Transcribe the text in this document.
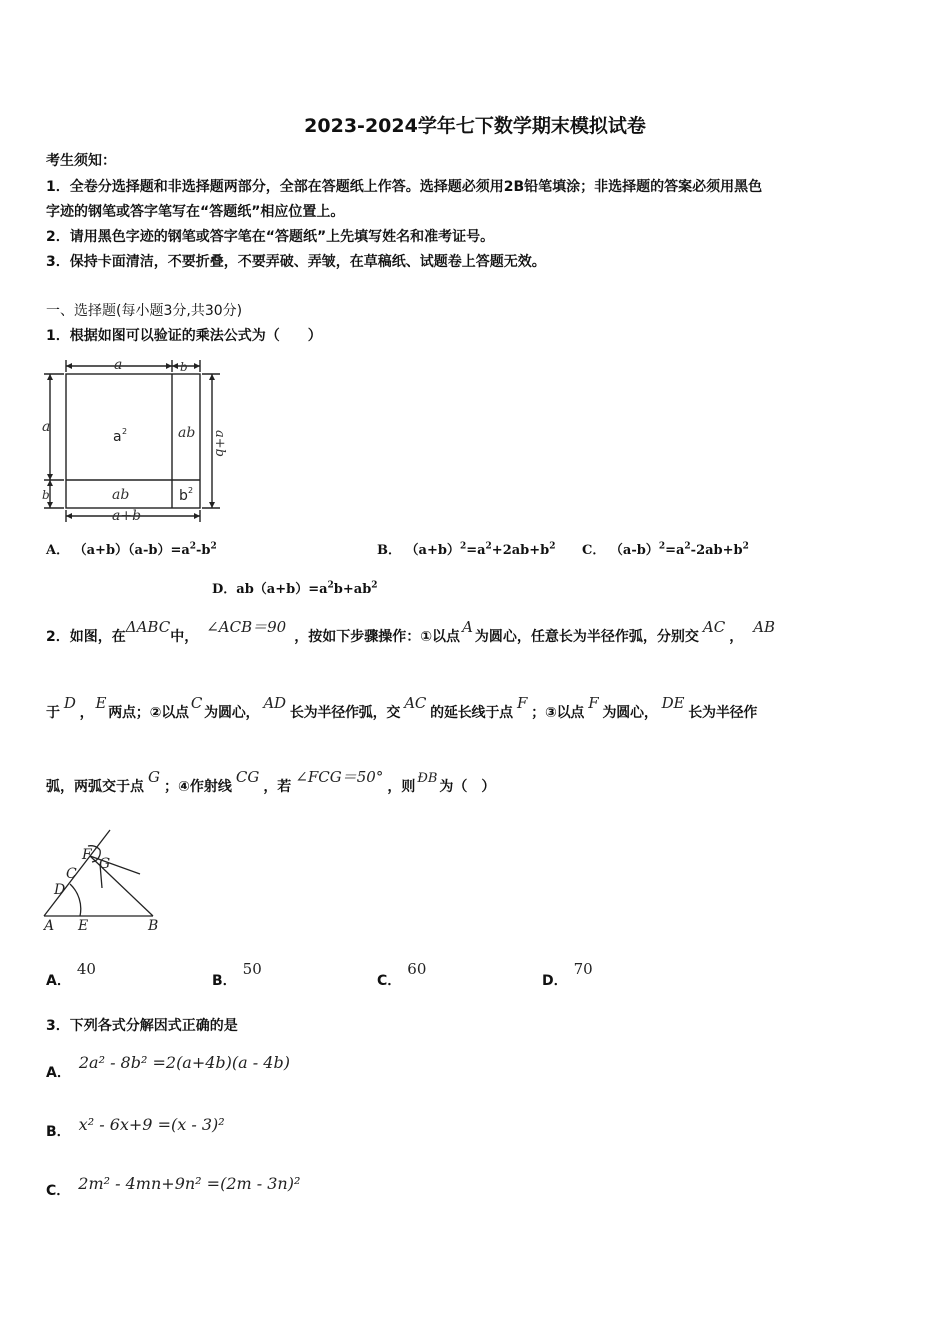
2023-2024学年七下数学期末模拟试卷
考生须知：
1．全卷分选择题和非选择题两部分，全部在答题纸上作答。选择题必须用2B铅笔填涂；非选择题的答案必须用黑色
字迹的钢笔或答字笔写在“答题纸”相应位置上。
2．请用黑色字迹的钢笔或答字笔在“答题纸”上先填写姓名和准考证号。
3．保持卡面清洁，不要折叠，不要弄破、弄皱，在草稿纸、试题卷上答题无效。
一、选择题(每小题3分,共30分)
1．根据如图可以验证的乘法公式为（　　）
a	b
a
b
a+b
ab
ab
a+b
a 2
b 2
A． $(a+b)(a-b)=a^2-b^2$	B． $(a+b)^2=a^2+2ab+b^2$ C． $(a-b)^2=a^2-2ab+b^2$
D．$ab(a+b)=a^2b+ab^2$
2．如图，在ΔABC中，∠ACB＝90，按如下步骤操作：①以点A为圆心，任意长为半径作弧，分别交AC，AB
于D，E两点；②以点C为圆心，AD长为半径作弧，交AC的延长线于点F；③以点F为圆心，DE长为半径作
弧，两弧交于点G；④作射线CG，若∠FCG＝50°，则ÐB为（　）
F
G
C
D
A E	B
A．40
B．50
C．60
D．70
3．下列各式分解因式正确的是
A．2a² - 8b² =2(a+4b)(a - 4b)
B． x² - 6x+9 =(x - 3)²
C． 2m² - 4mn+9n² =(2m - 3n)²
